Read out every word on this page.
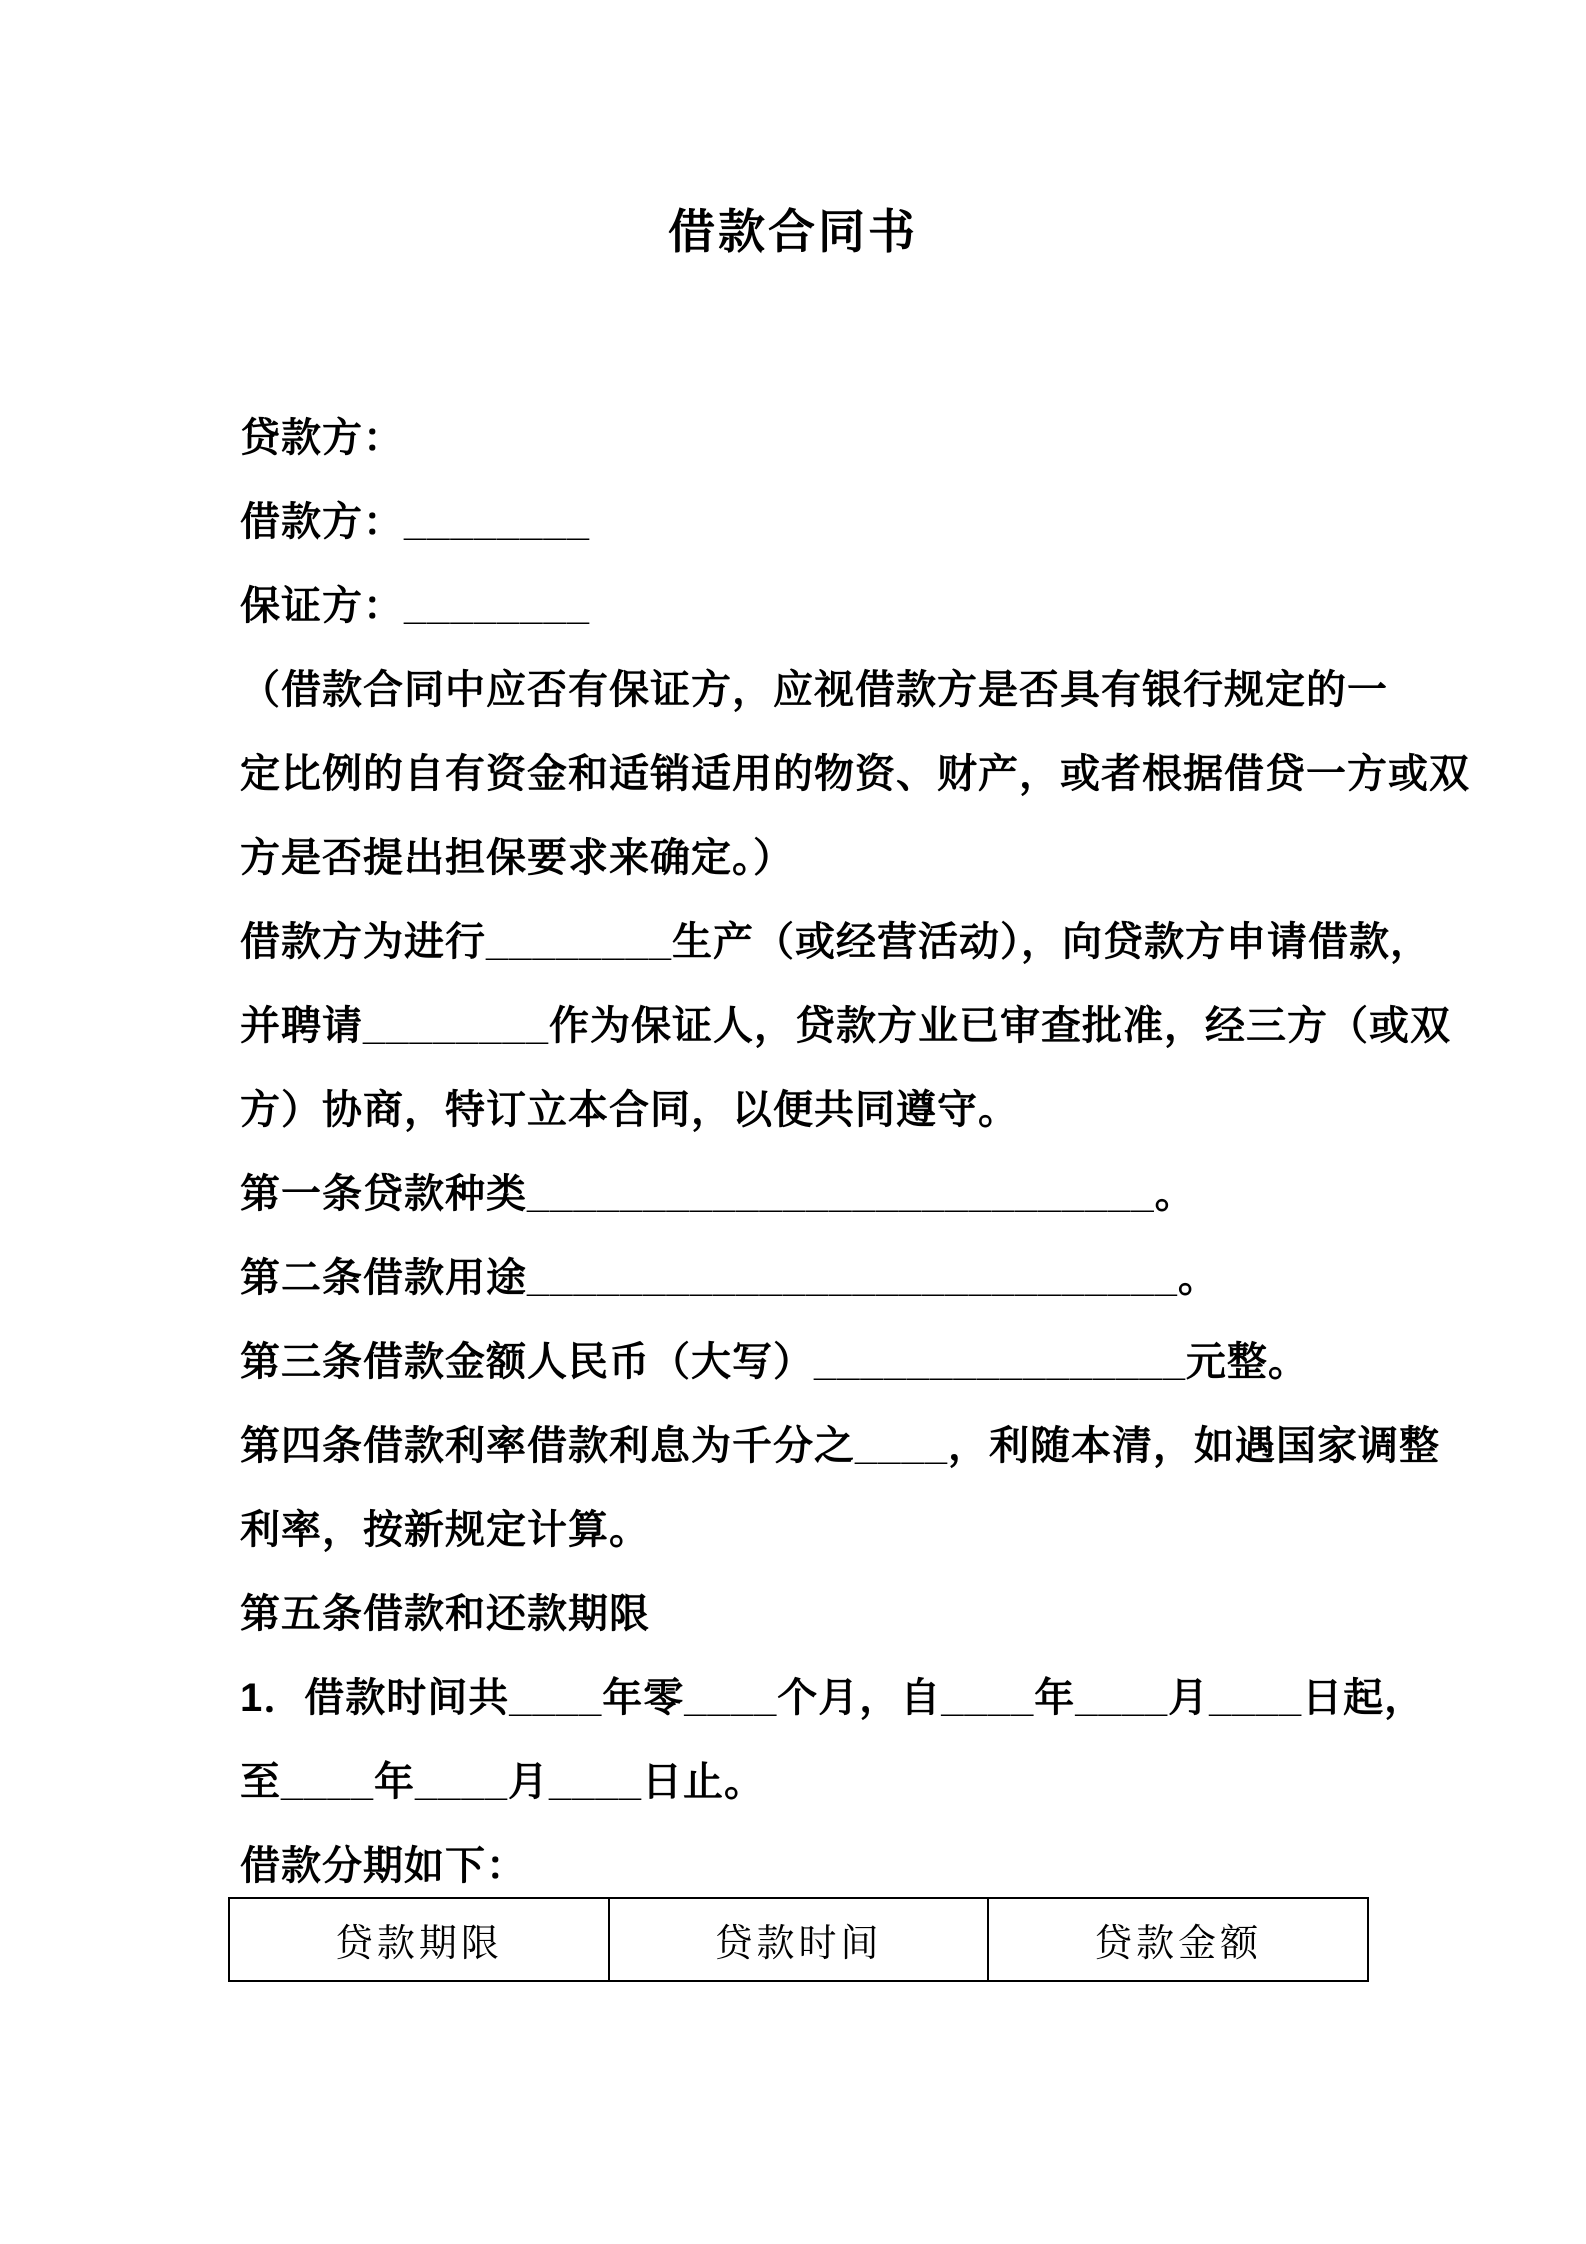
借款合同书
贷款方：
借款方：________
保证方：________
（借款合同中应否有保证方，应视借款方是否具有银行规定的一
定比例的自有资金和适销适用的物资、财产，或者根据借贷一方或双
方是否提出担保要求来确定。）
借款方为进行________生产（或经营活动），向贷款方申请借款，
并聘请________作为保证人，贷款方业已审查批准，经三方（或双
方）协商，特订立本合同，以便共同遵守。
第一条贷款种类___________________________。
第二条借款用途____________________________。
第三条借款金额人民币（大写）________________元整。
第四条借款利率借款利息为千分之____，利随本清，如遇国家调整
利率，按新规定计算。
第五条借款和还款期限
1．借款时间共____年零____个月，自____年____月____日起，
至____年____月____日止。
借款分期如下：
贷款期限	贷款时间	贷款金额
